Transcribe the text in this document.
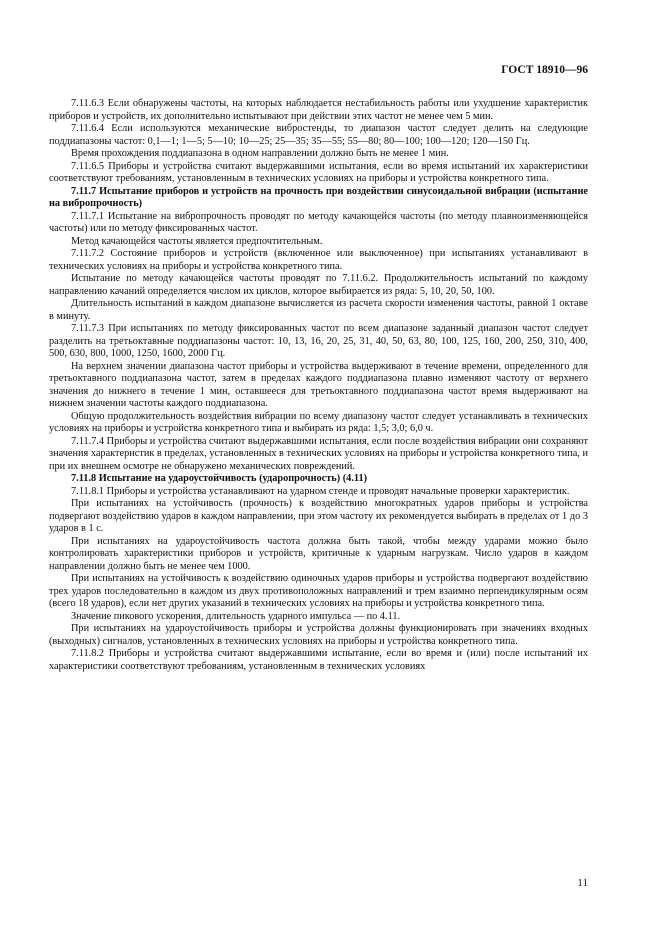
ГОСТ 18910—96

7.11.6.3 Если обнаружены частоты, на которых наблюдается нестабильность работы или ухудшение характеристик приборов и устройств, их дополнительно испытывают при действии этих частот не менее чем 5 мин.

7.11.6.4 Если используются механические вибростенды, то диапазон частот следует делить на следующие поддиапазоны частот: 0,1—1; 1—5; 5—10; 10—25; 25—35; 35—55; 55—80; 80—100; 100—120; 120—150 Гц.

Время прохождения поддиапазона в одном направлении должно быть не менее 1 мин.

7.11.6.5 Приборы и устройства считают выдержавшими испытания, если во время испытаний их характеристики соответствуют требованиям, установленным в технических условиях на приборы и устройства конкретного типа.

7.11.7 Испытание приборов и устройств на прочность при воздействии синусоидальной вибрации (испытание на вибропрочность)

7.11.7.1 Испытание на вибропрочность проводят по методу качающейся частоты (по методу плавноизменяющейся частоты) или по методу фиксированных частот.

Метод качающейся частоты является предпочтительным.

7.11.7.2 Состояние приборов и устройств (включенное или выключенное) при испытаниях устанавливают в технических условиях на приборы и устройства конкретного типа.

Испытание по методу качающейся частоты проводят по 7.11.6.2. Продолжительность испытаний по каждому направлению качаний определяется числом их циклов, которое выбирается из ряда: 5, 10, 20, 50, 100.

Длительность испытаний в каждом диапазоне вычисляется из расчета скорости изменения частоты, равной 1 октаве в минуту.

7.11.7.3 При испытаниях по методу фиксированных частот по всем диапазоне заданный диапазон частот следует разделить на третьоктавные поддиапазоны частот: 10, 13, 16, 20, 25, 31, 40, 50, 63, 80, 100, 125, 160, 200, 250, 310, 400, 500, 630, 800, 1000, 1250, 1600, 2000 Гц.

На верхнем значении диапазона частот приборы и устройства выдерживают в течение времени, определенного для третьоктавного поддиапазона частот, затем в пределах каждого поддиапазона плавно изменяют частоту от верхнего значения до нижнего в течение 1 мин, оставшееся для третьоктавного поддиапазона частот время выдерживают на нижнем значении частоты каждого поддиапазона.

Общую продолжительность воздействия вибрации по всему диапазону частот следует устанавливать в технических условиях на приборы и устройства конкретного типа и выбирать из ряда: 1,5; 3,0; 6,0 ч.

7.11.7.4 Приборы и устройства считают выдержавшими испытания, если после воздействия вибрации они сохраняют значения характеристик в пределах, установленных в технических условиях на приборы и устройства конкретного типа, и при их внешнем осмотре не обнаружено механических повреждений.

7.11.8 Испытание на удароустойчивость (ударопрочность) (4.11)

7.11.8.1 Приборы и устройства устанавливают на ударном стенде и проводят начальные проверки характеристик.

При испытаниях на устойчивость (прочность) к воздействию многократных ударов приборы и устройства подвергают воздействию ударов в каждом направлении, при этом частоту их рекомендуется выбирать в пределах от 1 до 3 ударов в 1 с.

При испытаниях на удароустойчивость частота должна быть такой, чтобы между ударами можно было контролировать характеристики приборов и устройств, критичные к ударным нагрузкам. Число ударов в каждом направлении должно быть не менее чем 1000.

При испытаниях на устойчивость к воздействию одиночных ударов приборы и устройства подвергают воздействию трех ударов последовательно в каждом из двух противоположных направлений и трем взаимно перпендикулярным осям (всего 18 ударов), если нет других указаний в технических условиях на приборы и устройства конкретного типа.

Значение пикового ускорения, длительность ударного импульса — по 4.11.

При испытаниях на удароустойчивость приборы и устройства должны функционировать при значениях входных (выходных) сигналов, установленных в технических условиях на приборы и устройства конкретного типа.

7.11.8.2 Приборы и устройства считают выдержавшими испытание, если во время и (или) после испытаний их характеристики соответствуют требованиям, установленным в технических условиях

11
